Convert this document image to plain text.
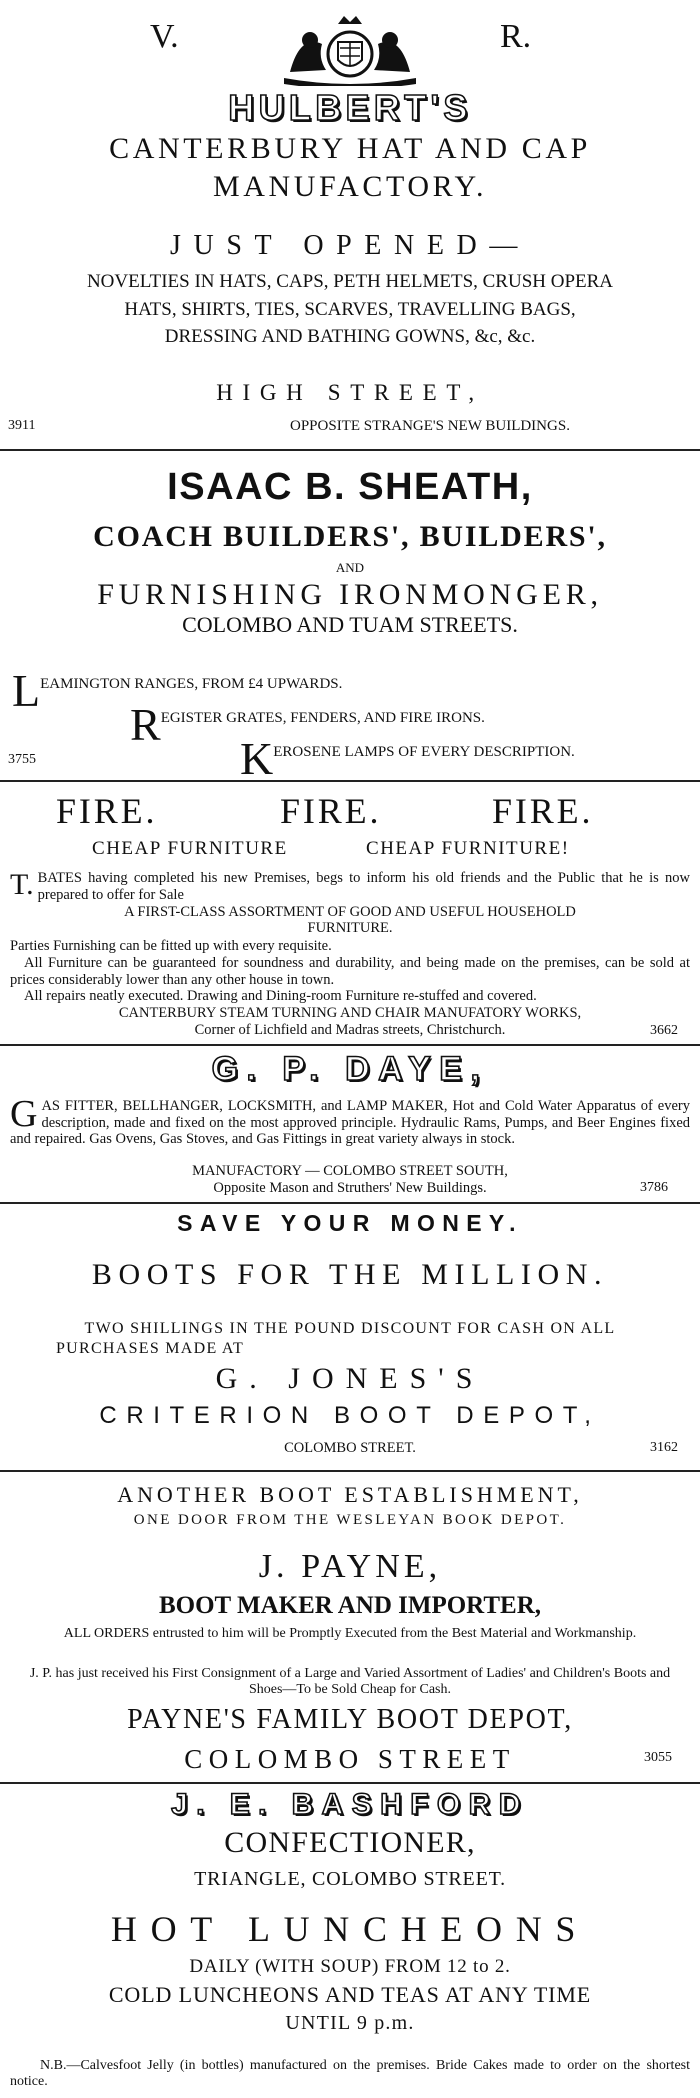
V.	R.
HULBERT'S
CANTERBURY HAT AND CAP
MANUFACTORY.
JUST OPENED—
NOVELTIES IN HATS, CAPS, PETH HELMETS, CRUSH OPERA
HATS, SHIRTS, TIES, SCARVES, TRAVELLING BAGS,
DRESSING AND BATHING GOWNS, &c, &c.
HIGH STREET,
3911	OPPOSITE STRANGE'S NEW BUILDINGS.
ISAAC B. SHEATH,
COACH BUILDERS', BUILDERS',
AND
FURNISHING IRONMONGER,
COLOMBO AND TUAM STREETS.
LEAMINGTON RANGES, FROM £4 UPWARDS.
REGISTER GRATES, FENDERS, AND FIRE IRONS.
KEROSENE LAMPS OF EVERY DESCRIPTION.
3755
FIRE.	FIRE.	FIRE.
CHEAP FURNITURE	CHEAP FURNITURE!
T. BATES having completed his new Premises, begs to inform his old friends and the Public that he is now prepared to offer for Sale
A FIRST-CLASS ASSORTMENT OF GOOD AND USEFUL HOUSEHOLD FURNITURE.
Parties Furnishing can be fitted up with every requisite.
All Furniture can be guaranteed for soundness and durability, and being made on the premises, can be sold at prices considerably lower than any other house in town.
All repairs neatly executed. Drawing and Dining-room Furniture re-stuffed and covered.
CANTERBURY STEAM TURNING AND CHAIR MANUFATORY WORKS,
Corner of Lichfield and Madras streets, Christchurch.	3662
G. P. DAYE,
GAS FITTER, BELLHANGER, LOCKSMITH, and LAMP MAKER, Hot and Cold Water Apparatus of every description, made and fixed on the most approved principle. Hydraulic Rams, Pumps, and Beer Engines fixed and repaired. Gas Ovens, Gas Stoves, and Gas Fittings in great variety always in stock.
MANUFACTORY — COLOMBO STREET SOUTH,
Opposite Mason and Struthers' New Buildings.	3786
SAVE YOUR MONEY.
BOOTS FOR THE MILLION.
TWO SHILLINGS IN THE POUND DISCOUNT FOR CASH ON ALL
PURCHASES MADE AT
G. JONES'S
CRITERION BOOT DEPOT,
COLOMBO STREET.	3162
ANOTHER BOOT ESTABLISHMENT,
ONE DOOR FROM THE WESLEYAN BOOK DEPOT.
J. PAYNE,
BOOT MAKER AND IMPORTER,
ALL ORDERS entrusted to him will be Promptly Executed from the Best Material and Workmanship.
J. P. has just received his First Consignment of a Large and Varied Assortment of Ladies' and Children's Boots and Shoes—To be Sold Cheap for Cash.
PAYNE'S FAMILY BOOT DEPOT,
COLOMBO STREET	3055
J. E. BASHFORD
CONFECTIONER,
TRIANGLE, COLOMBO STREET.
HOT LUNCHEONS
DAILY (WITH SOUP) FROM 12 to 2.
COLD LUNCHEONS AND TEAS AT ANY TIME
UNTIL 9 p.m.
N.B.—Calvesfoot Jelly (in bottles) manufactured on the premises. Bride Cakes made to order on the shortest notice.
